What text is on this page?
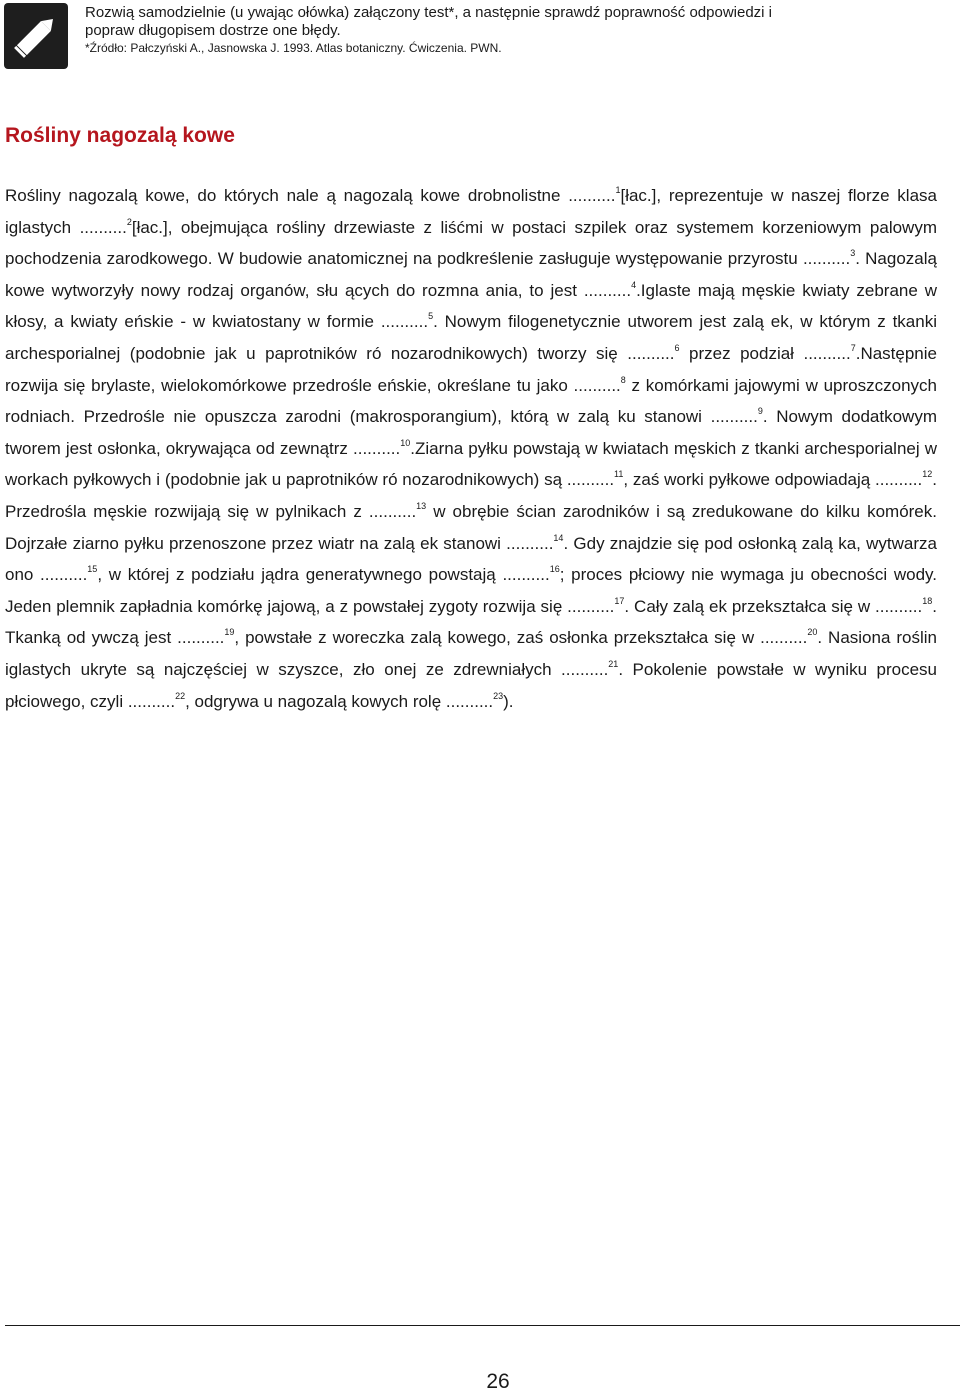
Rozwią samodzielnie (u ywając ołówka) załączony test*, a następnie sprawdź poprawność odpowiedzi i
popraw długopisem dostrze one błędy.
*Źródło: Pałczyński A., Jasnowska J. 1993. Atlas botaniczny. Ćwiczenia. PWN.
Rośliny nagozalą kowe

Rośliny nagozalą kowe, do których nale ą nagozalą kowe drobnolistne ..........$^1$[łac.], reprezentuje w naszej florze klasa iglastych ..........$^2$[łac.], obejmująca rośliny drzewiaste z liśćmi w postaci szpilek oraz systemem korzeniowym palowym pochodzenia zarodkowego. W budowie anatomicznej na podkreślenie zasługuje występowanie przyrostu ..........$^3$. Nagozalą kowe wytworzyły nowy rodzaj organów, słu ących do rozmna ania, to jest ..........$^4$.Iglaste mają męskie kwiaty zebrane w kłosy, a kwiaty eńskie - w kwiatostany w formie ..........$^5$. Nowym filogenetycznie utworem jest zalą ek, w którym z tkanki archesporialnej (podobnie jak u paprotników ró nozarodnikowych) tworzy się ..........$^6$ przez podział ..........$^7$.Następnie rozwija się brylaste, wielokomórkowe przedrośle eńskie, określane tu jako ..........$^8$ z komórkami jajowymi w uproszczonych rodniach. Przedrośle nie opuszcza zarodni (makrosporangium), którą w zalą ku stanowi ..........$^9$. Nowym dodatkowym tworem jest osłonka, okrywająca od zewnątrz ..........$^{10}$.Ziarna pyłku powstają w kwiatach męskich z tkanki archesporialnej w workach pyłkowych i (podobnie jak u paprotników ró nozarodnikowych) są ..........$^{11}$, zaś worki pyłkowe odpowiadają ..........$^{12}$. Przedrośla męskie rozwijają się w pylnikach z ..........$^{13}$ w obrębie ścian zarodników i są zredukowane do kilku komórek. Dojrzałe ziarno pyłku przenoszone przez wiatr na zalą ek stanowi ..........$^{14}$. Gdy znajdzie się pod osłonką zalą ka, wytwarza ono ..........$^{15}$, w której z podziału jądra generatywnego powstają ..........$^{16}$; proces płciowy nie wymaga ju obecności wody. Jeden plemnik zapładnia komórkę jajową, a z powstałej zygoty rozwija się ..........$^{17}$. Cały zalą ek przekształca się w ..........$^{18}$. Tkanką od ywczą jest ..........$^{19}$, powstałe z woreczka zalą kowego, zaś osłonka przekształca się w ..........$^{20}$. Nasiona roślin iglastych ukryte są najczęściej w szyszce, zło onej ze zdrewniałych ..........$^{21}$. Pokolenie powstałe w wyniku procesu płciowego, czyli ..........$^{22}$, odgrywa u nagozalą kowych rolę ..........$^{23}$).

26
